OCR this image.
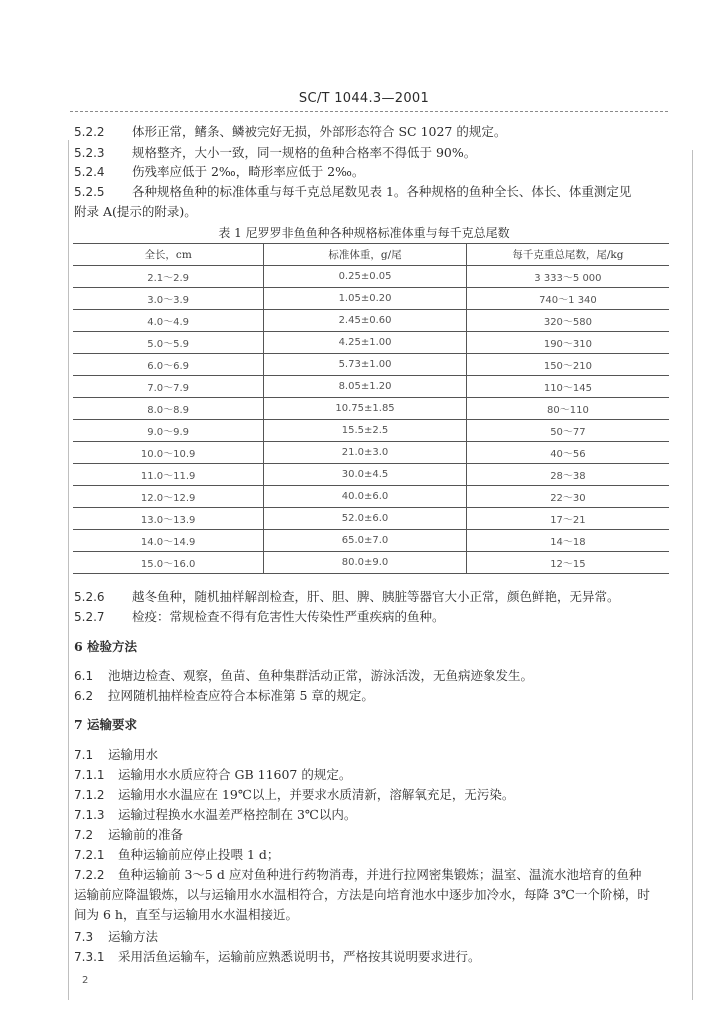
SC/T 1044.3—2001
5.2.2 体形正常，鳍条、鳞被完好无损，外部形态符合 SC 1027 的规定。
5.2.3 规格整齐，大小一致，同一规格的鱼种合格率不得低于 90%。
5.2.4 伤残率应低于 2‰，畸形率应低于 2‰。
5.2.5 各种规格鱼种的标准体重与每千克总尾数见表 1。各种规格的鱼种全长、体长、体重测定见
附录 A(提示的附录)。
表 1 尼罗罗非鱼鱼种各种规格标准体重与每千克总尾数
全长，cm	标准体重，g/尾	每千克重总尾数，尾/kg
2.1～2.9	0.25±0.05	3 333～5 000
3.0～3.9	1.05±0.20	740～1 340
4.0～4.9	2.45±0.60	320～580
5.0～5.9	4.25±1.00	190～310
6.0～6.9	5.73±1.00	150～210
7.0～7.9	8.05±1.20	110～145
8.0～8.9	10.75±1.85	80～110
9.0～9.9	15.5±2.5	50～77
10.0～10.9	21.0±3.0	40～56
11.0～11.9	30.0±4.5	28～38
12.0～12.9	40.0±6.0	22～30
13.0～13.9	52.0±6.0	17～21
14.0～14.9	65.0±7.0	14～18
15.0～16.0	80.0±9.0	12～15
5.2.6 越冬鱼种，随机抽样解剖检查，肝、胆、脾、胰脏等器官大小正常，颜色鲜艳，无异常。
5.2.7 检疫：常规检查不得有危害性大传染性严重疾病的鱼种。
6 检验方法
6.1 池塘边检查、观察，鱼苗、鱼种集群活动正常，游泳活泼，无鱼病迹象发生。
6.2 拉网随机抽样检查应符合本标准第 5 章的规定。
7 运输要求
7.1 运输用水
7.1.1 运输用水水质应符合 GB 11607 的规定。
7.1.2 运输用水水温应在 19℃以上，并要求水质清新，溶解氧充足，无污染。
7.1.3 运输过程换水水温差严格控制在 3℃以内。
7.2 运输前的准备
7.2.1 鱼种运输前应停止投喂 1 d；
7.2.2 鱼种运输前 3～5 d 应对鱼种进行药物消毒，并进行拉网密集锻炼；温室、温流水池培育的鱼种
运输前应降温锻炼，以与运输用水水温相符合，方法是向培育池水中逐步加冷水，每降 3℃一个阶梯，时
间为 6 h，直至与运输用水水温相接近。
7.3 运输方法
7.3.1 采用活鱼运输车，运输前应熟悉说明书，严格按其说明要求进行。
2
